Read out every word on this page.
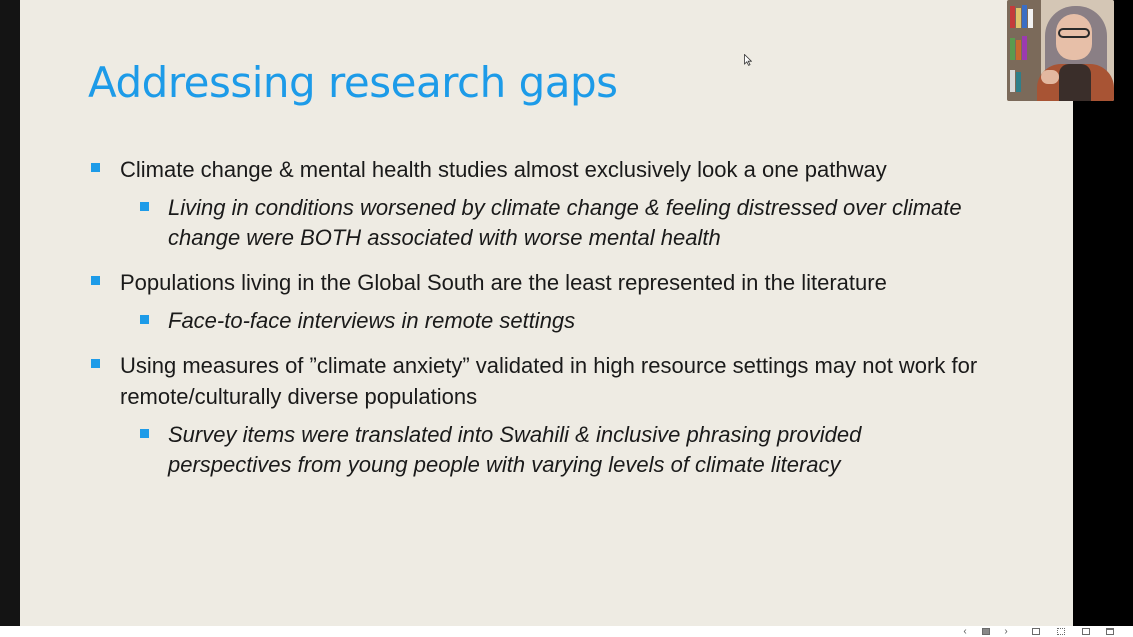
Addressing research gaps
Climate change & mental health studies almost exclusively look a one pathway
Living in conditions worsened by climate change & feeling distressed over climate change were BOTH associated with worse mental health
Populations living in the Global South are the least represented in the literature
Face-to-face interviews in remote settings
Using measures of ”climate anxiety” validated in high resource settings may not work for remote/culturally diverse populations
Survey items were translated into Swahili & inclusive phrasing provided perspectives from young people with varying levels of climate literacy
‹	›
